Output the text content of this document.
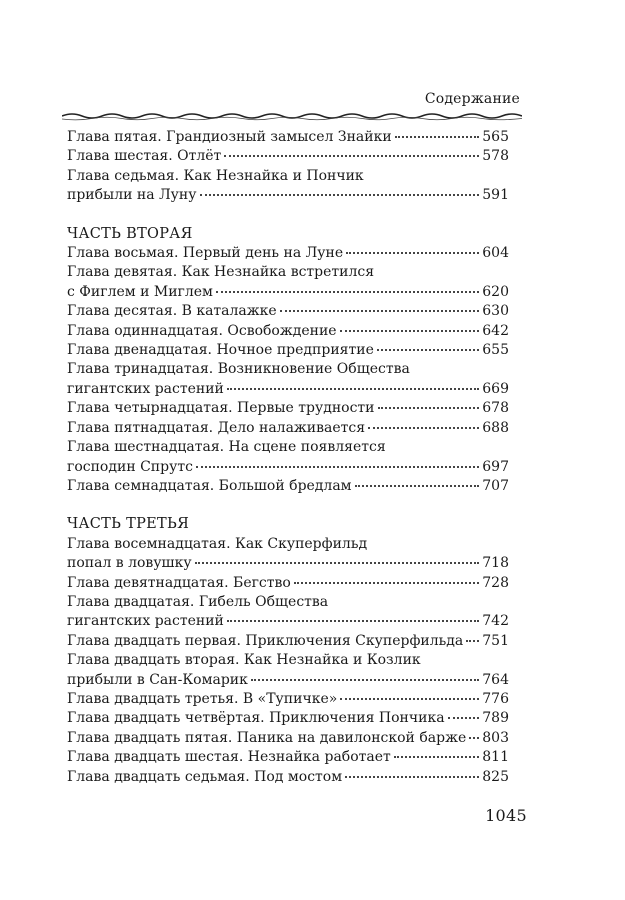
Содержание
Глава пятая. Грандиозный замысел Знайки	565
Глава шестая. Отлёт	578
Глава седьмая. Как Незнайка и Пончик
прибыли на Луну	591
ЧАСТЬ ВТОРАЯ
Глава восьмая. Первый день на Луне	604
Глава девятая. Как Незнайка встретился
с Фиглем и Миглем	620
Глава десятая. В каталажке	630
Глава одиннадцатая. Освобождение	642
Глава двенадцатая. Ночное предприятие	655
Глава тринадцатая. Возникновение Общества
гигантских растений	669
Глава четырнадцатая. Первые трудности	678
Глава пятнадцатая. Дело налаживается	688
Глава шестнадцатая. На сцене появляется
господин Спрутс	697
Глава семнадцатая. Большой бредлам	707
ЧАСТЬ ТРЕТЬЯ
Глава восемнадцатая. Как Скуперфильд
попал в ловушку	718
Глава девятнадцатая. Бегство	728
Глава двадцатая. Гибель Общества
гигантских растений	742
Глава двадцать первая. Приключения Скуперфильда 751
Глава двадцать вторая. Как Незнайка и Козлик
прибыли в Сан-Комарик	764
Глава двадцать третья. В «Тупичке»	776
Глава двадцать четвёртая. Приключения Пончика	789
Глава двадцать пятая. Паника на давилонской барже 803
Глава двадцать шестая. Незнайка работает	811
Глава двадцать седьмая. Под мостом	825
1045
